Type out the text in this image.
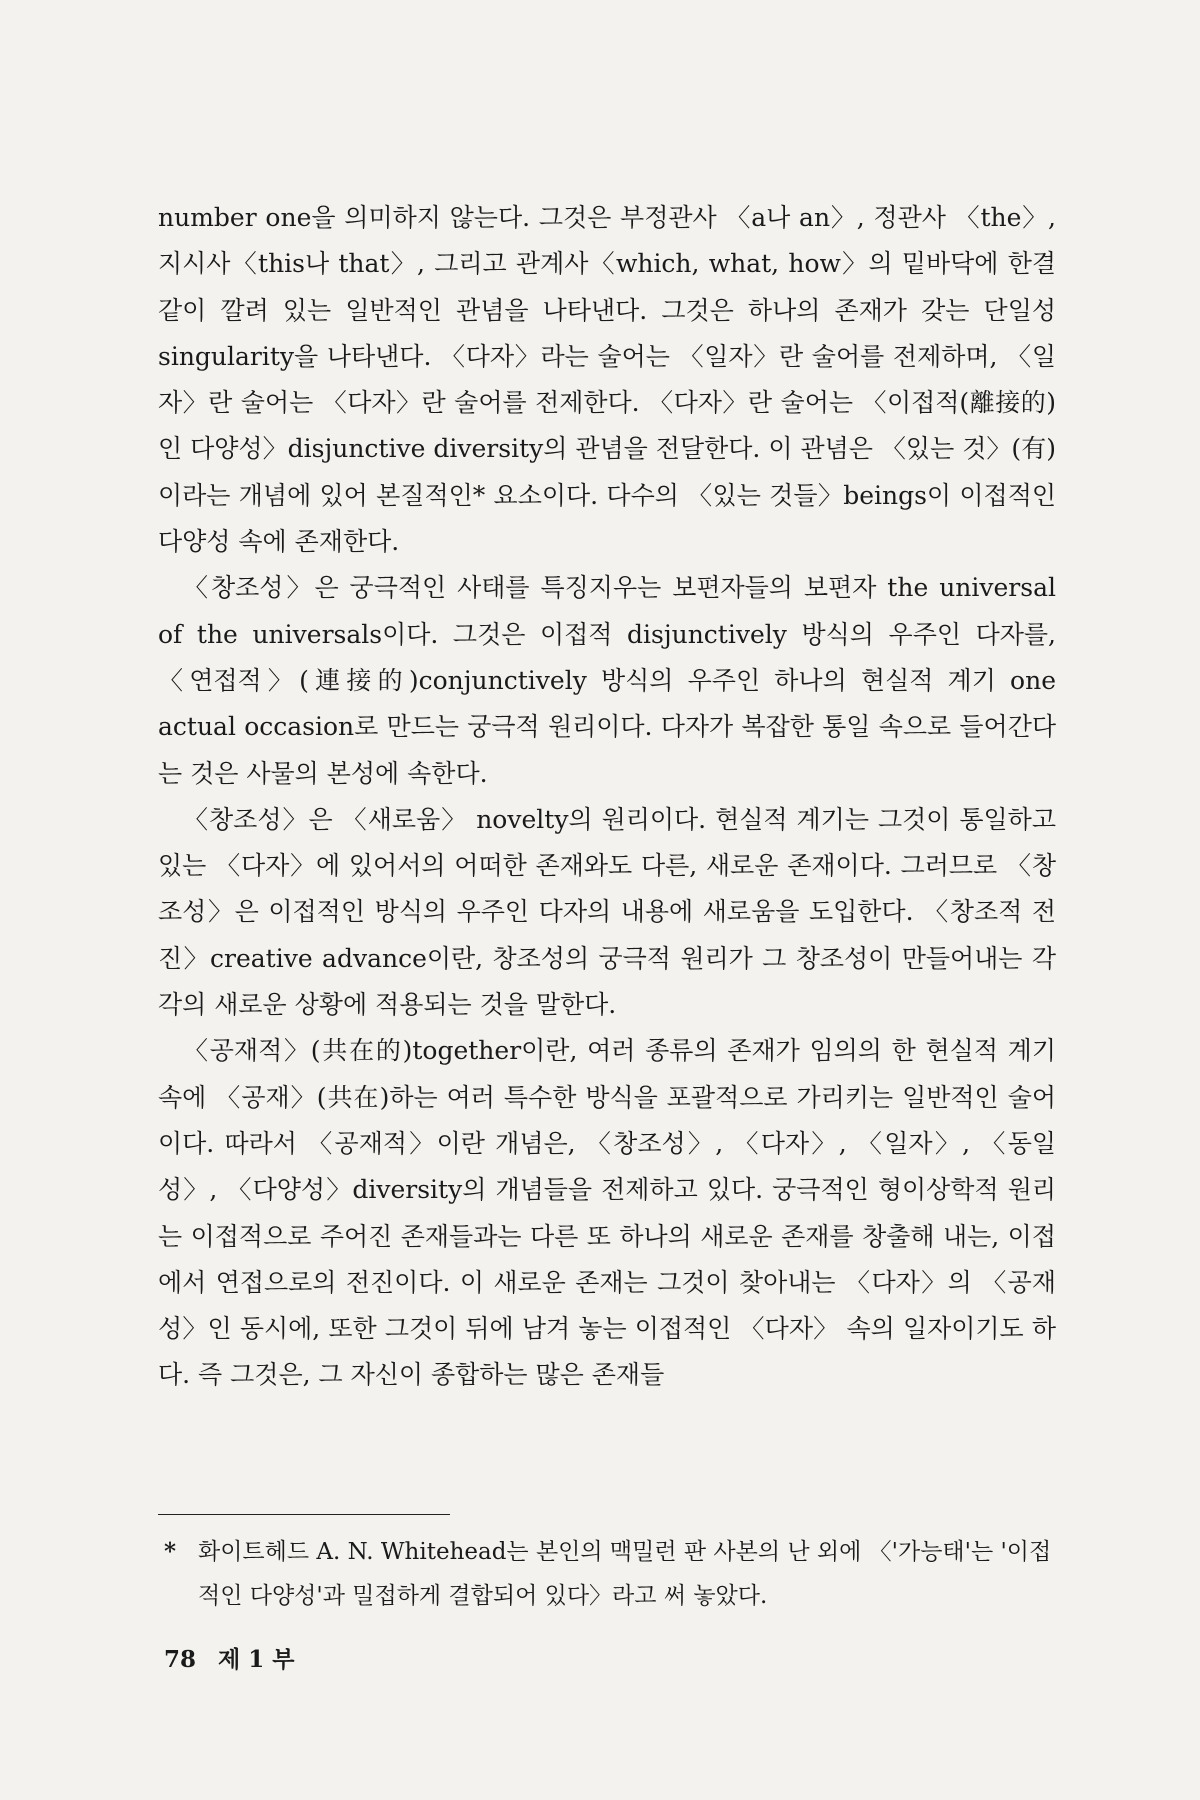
number one을 의미하지 않는다. 그것은 부정관사 〈a나 an〉, 정관사 〈the〉, 지시사〈this나 that〉, 그리고 관계사〈which, what, how〉의 밑바닥에 한결같이 깔려 있는 일반적인 관념을 나타낸다. 그것은 하나의 존재가 갖는 단일성 singularity을 나타낸다. 〈다자〉라는 술어는 〈일자〉란 술어를 전제하며, 〈일자〉란 술어는 〈다자〉란 술어를 전제한다. 〈다자〉란 술어는 〈이접적(離接的)인 다양성〉disjunctive diversity의 관념을 전달한다. 이 관념은 〈있는 것〉(有)이라는 개념에 있어 본질적인* 요소이다. 다수의 〈있는 것들〉beings이 이접적인 다양성 속에 존재한다.

〈창조성〉은 궁극적인 사태를 특징지우는 보편자들의 보편자 the universal of the universals이다. 그것은 이접적 disjunctively 방식의 우주인 다자를, 〈연접적〉(連接的)conjunctively 방식의 우주인 하나의 현실적 계기 one actual occasion로 만드는 궁극적 원리이다. 다자가 복잡한 통일 속으로 들어간다는 것은 사물의 본성에 속한다.

〈창조성〉은 〈새로움〉 novelty의 원리이다. 현실적 계기는 그것이 통일하고 있는 〈다자〉에 있어서의 어떠한 존재와도 다른, 새로운 존재이다. 그러므로 〈창조성〉은 이접적인 방식의 우주인 다자의 내용에 새로움을 도입한다. 〈창조적 전진〉creative advance이란, 창조성의 궁극적 원리가 그 창조성이 만들어내는 각각의 새로운 상황에 적용되는 것을 말한다.

〈공재적〉(共在的)together이란, 여러 종류의 존재가 임의의 한 현실적 계기 속에 〈공재〉(共在)하는 여러 특수한 방식을 포괄적으로 가리키는 일반적인 술어이다. 따라서 〈공재적〉이란 개념은, 〈창조성〉, 〈다자〉, 〈일자〉, 〈동일성〉, 〈다양성〉diversity의 개념들을 전제하고 있다. 궁극적인 형이상학적 원리는 이접적으로 주어진 존재들과는 다른 또 하나의 새로운 존재를 창출해 내는, 이접에서 연접으로의 전진이다. 이 새로운 존재는 그것이 찾아내는 〈다자〉의 〈공재성〉인 동시에, 또한 그것이 뒤에 남겨 놓는 이접적인 〈다자〉 속의 일자이기도 하다. 즉 그것은, 그 자신이 종합하는 많은 존재들

* 화이트헤드 A. N. Whitehead는 본인의 맥밀런 판 사본의 난 외에 〈'가능태'는 '이접적인 다양성'과 밀접하게 결합되어 있다〉라고 써 놓았다.
78 제 1 부
